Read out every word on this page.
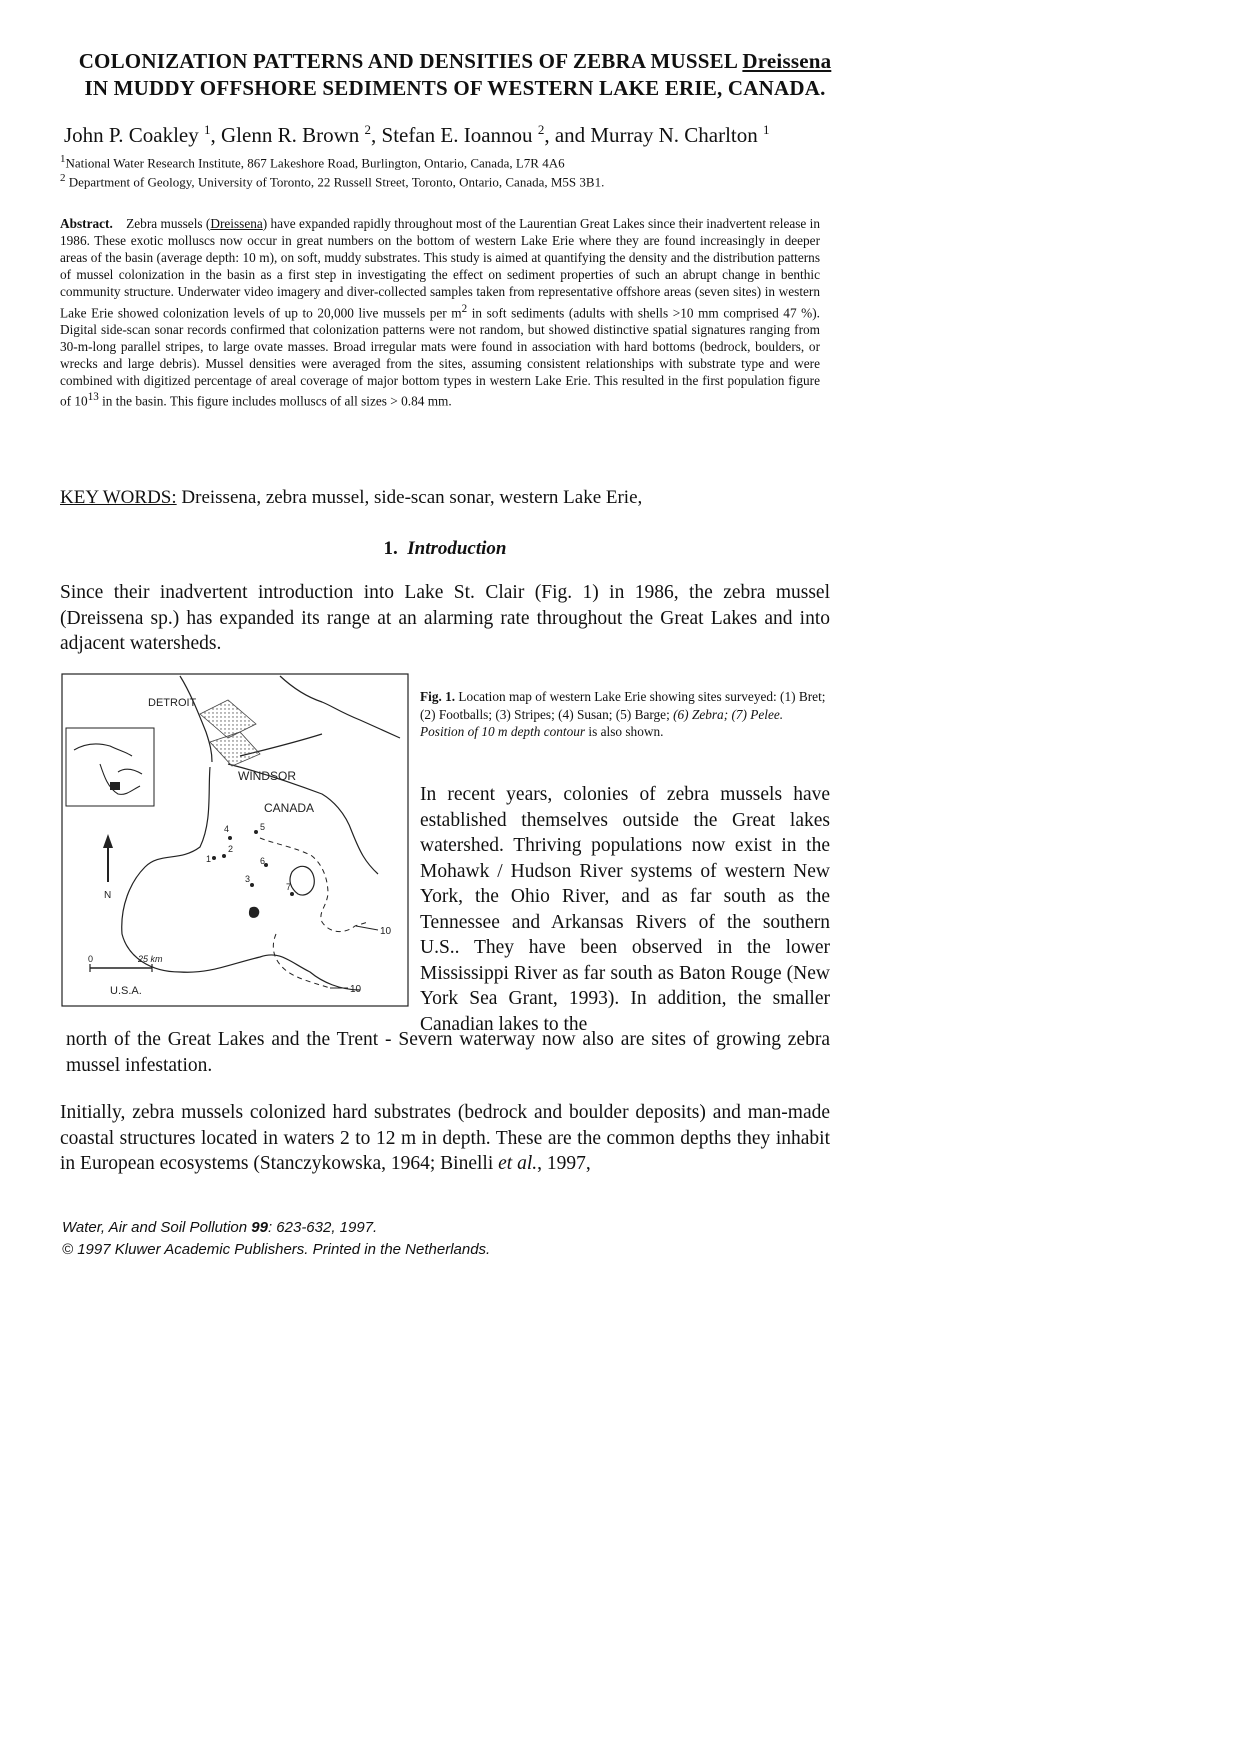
COLONIZATION PATTERNS AND DENSITIES OF ZEBRA MUSSEL Dreissena
IN MUDDY OFFSHORE SEDIMENTS OF WESTERN LAKE ERIE, CANADA.
John P. Coakley $^1$, Glenn R. Brown $^2$, Stefan E. Ioannou $^2$, and Murray N. Charlton $^1$
$^1$National Water Research Institute, 867 Lakeshore Road, Burlington, Ontario, Canada, L7R 4A6
$^2$ Department of Geology, University of Toronto, 22 Russell Street, Toronto, Ontario, Canada, M5S 3B1.
Abstract. Zebra mussels (Dreissena) have expanded rapidly throughout most of the Laurentian Great Lakes since their inadvertent release in 1986. These exotic molluscs now occur in great numbers on the bottom of western Lake Erie where they are found increasingly in deeper areas of the basin (average depth: 10 m), on soft, muddy substrates. This study is aimed at quantifying the density and the distribution patterns of mussel colonization in the basin as a first step in investigating the effect on sediment properties of such an abrupt change in benthic community structure. Underwater video imagery and diver-collected samples taken from representative offshore areas (seven sites) in western Lake Erie showed colonization levels of up to 20,000 live mussels per $m^2$ in soft sediments (adults with shells >10 mm comprised 47 %). Digital side-scan sonar records confirmed that colonization patterns were not random, but showed distinctive spatial signatures ranging from 30-m-long parallel stripes, to large ovate masses. Broad irregular mats were found in association with hard bottoms (bedrock, boulders, or wrecks and large debris). Mussel densities were averaged from the sites, assuming consistent relationships with substrate type and were combined with digitized percentage of areal coverage of major bottom types in western Lake Erie. This resulted in the first population figure of $10^{13}$ in the basin. This figure includes molluscs of all sizes > 0.84 mm.
KEY WORDS: Dreissena, zebra mussel, side-scan sonar, western Lake Erie,
1. Introduction
Since their inadvertent introduction into Lake St. Clair (Fig. 1) in 1986, the zebra mussel (Dreissena sp.) has expanded its range at an alarming rate throughout the Great Lakes and into adjacent watersheds.
DETROIT
WINDSOR
CANADA
U.S.A.
N
0	25 km
10
10
1
2
3
4	5
6
7
Fig. 1. Location map of western Lake Erie showing sites surveyed: (1) Bret; (2) Footballs; (3) Stripes; (4) Susan; (5) Barge; (6) Zebra; (7) Pelee. Position of 10 m depth contour is also shown.
In recent years, colonies of zebra mussels have established themselves outside the Great lakes watershed. Thriving populations now exist in the Mohawk / Hudson River systems of western New York, the Ohio River, and as far south as the Tennessee and Arkansas Rivers of the southern U.S.. They have been observed in the lower Mississippi River as far south as Baton Rouge (New York Sea Grant, 1993). In addition, the smaller Canadian lakes to the
north of the Great Lakes and the Trent - Severn waterway now also are sites of growing zebra mussel infestation.
Initially, zebra mussels colonized hard substrates (bedrock and boulder deposits) and man-made coastal structures located in waters 2 to 12 m in depth. These are the common depths they inhabit in European ecosystems (Stanczykowska, 1964; Binelli et al., 1997,
Water, Air and Soil Pollution 99: 623-632, 1997.
© 1997 Kluwer Academic Publishers. Printed in the Netherlands.
